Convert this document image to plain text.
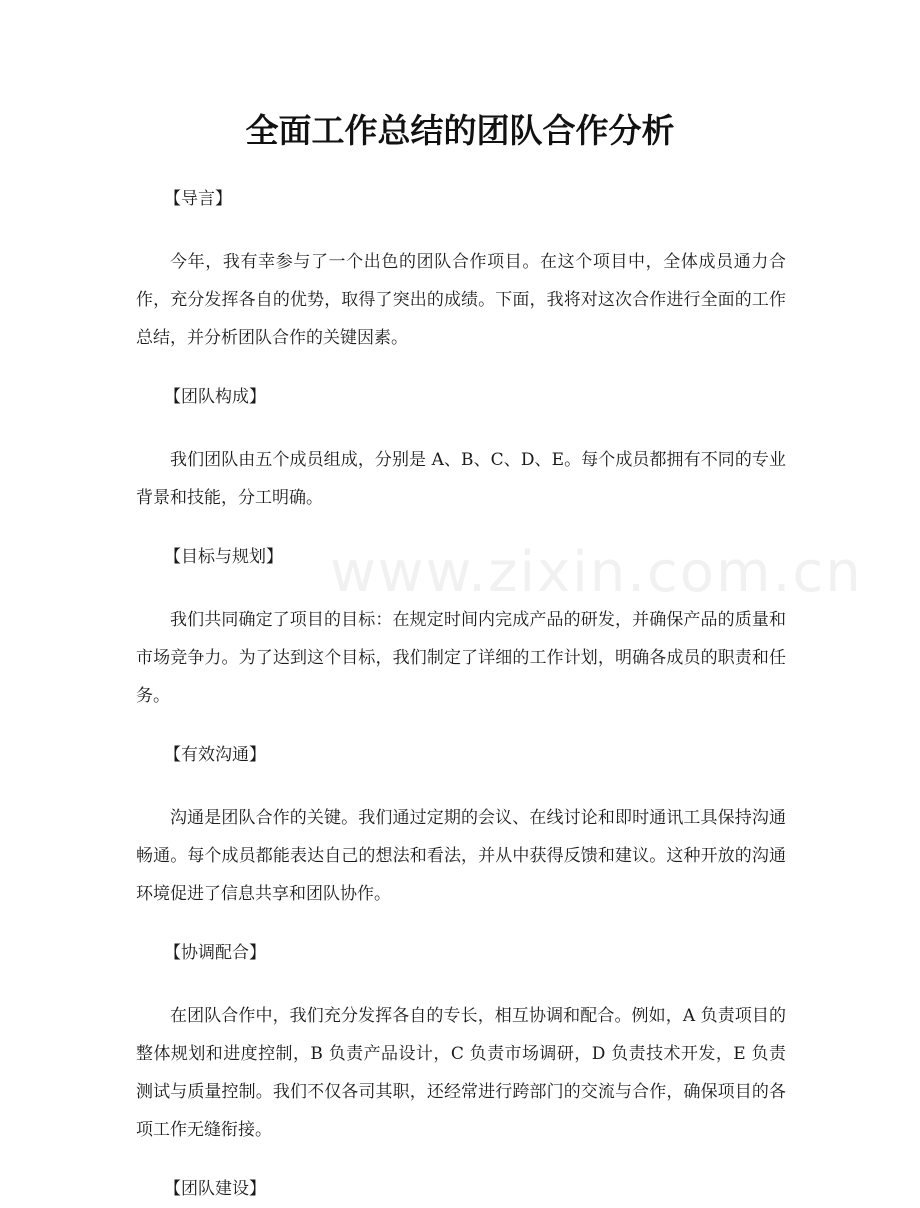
www.zixin.com.cn
全面工作总结的团队合作分析

【导言】

今年，我有幸参与了一个出色的团队合作项目。在这个项目中，全体成员通力合作，充分发挥各自的优势，取得了突出的成绩。下面，我将对这次合作进行全面的工作总结，并分析团队合作的关键因素。

【团队构成】

我们团队由五个成员组成，分别是 A、B、C、D、E。每个成员都拥有不同的专业背景和技能，分工明确。

【目标与规划】

我们共同确定了项目的目标：在规定时间内完成产品的研发，并确保产品的质量和市场竞争力。为了达到这个目标，我们制定了详细的工作计划，明确各成员的职责和任务。

【有效沟通】

沟通是团队合作的关键。我们通过定期的会议、在线讨论和即时通讯工具保持沟通畅通。每个成员都能表达自己的想法和看法，并从中获得反馈和建议。这种开放的沟通环境促进了信息共享和团队协作。

【协调配合】

在团队合作中，我们充分发挥各自的专长，相互协调和配合。例如，A 负责项目的整体规划和进度控制，B 负责产品设计，C 负责市场调研，D 负责技术开发，E 负责测试与质量控制。我们不仅各司其职，还经常进行跨部门的交流与合作，确保项目的各项工作无缝衔接。

【团队建设】
